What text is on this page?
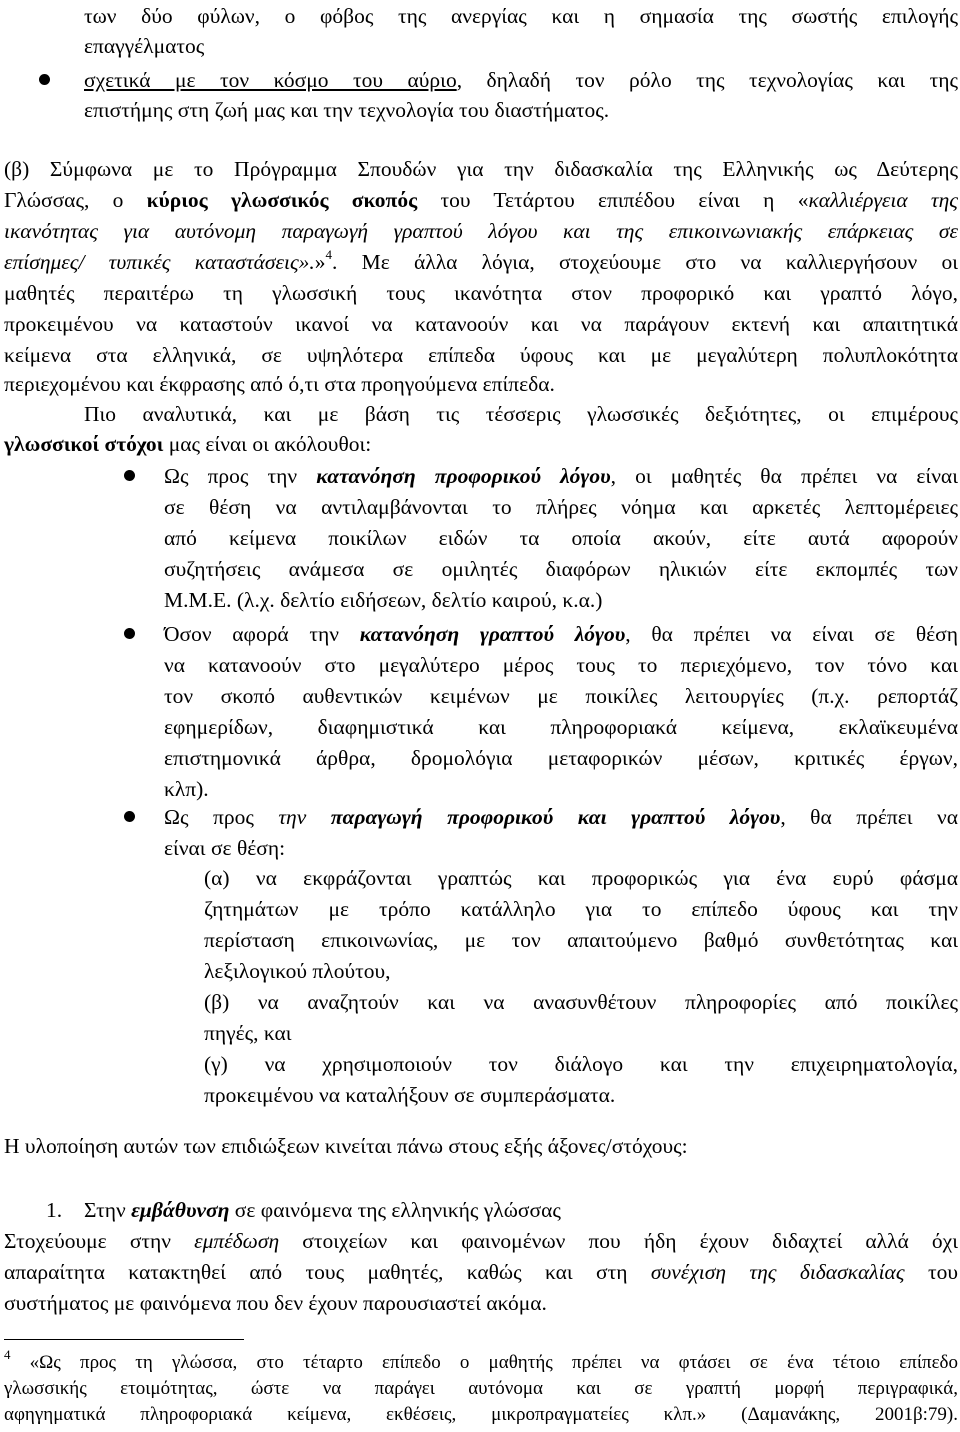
των δύο φύλων, ο φόβος της ανεργίας και η σημασία της σωστής επιλογής
επαγγέλματος
σχετικά με τον κόσμο του αύριο, δηλαδή τον ρόλο της τεχνολογίας και της
επιστήμης στη ζωή μας και την τεχνολογία του διαστήματος.
(β) Σύμφωνα με το Πρόγραμμα Σπουδών για την διδασκαλία της Ελληνικής ως Δεύτερης
Γλώσσας, ο κύριος γλωσσικός σκοπός του Τετάρτου επιπέδου είναι η «καλλιέργεια της
ικανότητας για αυτόνομη παραγωγή γραπτού λόγου και της επικοινωνιακής επάρκειας σε
επίσημες/ τυπικές καταστάσεις».»$^4$. Με άλλα λόγια, στοχεύουμε στο να καλλιεργήσουν οι
μαθητές περαιτέρω τη γλωσσική τους ικανότητα στον προφορικό και γραπτό λόγο,
προκειμένου να καταστούν ικανοί να κατανοούν και να παράγουν εκτενή και απαιτητικά
κείμενα στα ελληνικά, σε υψηλότερα επίπεδα ύφους και με μεγαλύτερη πολυπλοκότητα
περιεχομένου και έκφρασης από ό,τι στα προηγούμενα επίπεδα.
Πιο αναλυτικά, και με βάση τις τέσσερις γλωσσικές δεξιότητες, οι επιμέρους
γλωσσικοί στόχοι μας είναι οι ακόλουθοι:
Ως προς την κατανόηση προφορικού λόγου, οι μαθητές θα πρέπει να είναι
σε θέση να αντιλαμβάνονται το πλήρες νόημα και αρκετές λεπτομέρειες
από κείμενα ποικίλων ειδών τα οποία ακούν, είτε αυτά αφορούν
συζητήσεις ανάμεσα σε ομιλητές διαφόρων ηλικιών είτε εκπομπές των
Μ.Μ.Ε. (λ.χ. δελτίο ειδήσεων, δελτίο καιρού, κ.α.)
Όσον αφορά την κατανόηση γραπτού λόγου, θα πρέπει να είναι σε θέση
να κατανοούν στο μεγαλύτερο μέρος τους το περιεχόμενο, τον τόνο και
τον σκοπό αυθεντικών κειμένων με ποικίλες λειτουργίες (π.χ. ρεπορτάζ
εφημερίδων, διαφημιστικά και πληροφοριακά κείμενα, εκλαϊκευμένα
επιστημονικά άρθρα, δρομολόγια μεταφορικών μέσων, κριτικές έργων,
κλπ).
Ως προς την παραγωγή προφορικού και γραπτού λόγου, θα πρέπει να
είναι σε θέση:
(α) να εκφράζονται γραπτώς και προφορικώς για ένα ευρύ φάσμα
ζητημάτων με τρόπο κατάλληλο για το επίπεδο ύφους και την
περίσταση επικοινωνίας, με τον απαιτούμενο βαθμό συνθετότητας και
λεξιλογικού πλούτου,
(β) να αναζητούν και να ανασυνθέτουν πληροφορίες από ποικίλες
πηγές, και
(γ) να χρησιμοποιούν τον διάλογο και την επιχειρηματολογία,
προκειμένου να καταλήξουν σε συμπεράσματα.
Η υλοποίηση αυτών των επιδιώξεων κινείται πάνω στους εξής άξονες/στόχους:
1. Στην εμβάθυνση σε φαινόμενα της ελληνικής γλώσσας
Στοχεύουμε στην εμπέδωση στοιχείων και φαινομένων που ήδη έχουν διδαχτεί αλλά όχι
απαραίτητα κατακτηθεί από τους μαθητές, καθώς και στη συνέχιση της διδασκαλίας του
συστήματος με φαινόμενα που δεν έχουν παρουσιαστεί ακόμα.
$^4$ «Ως προς τη γλώσσα, στο τέταρτο επίπεδο ο μαθητής πρέπει να φτάσει σε ένα τέτοιο επίπεδο
γλωσσικής ετοιμότητας, ώστε να παράγει αυτόνομα και σε γραπτή μορφή περιγραφικά,
αφηγηματικά πληροφοριακά κείμενα, εκθέσεις, μικροπραγματείες κλπ.» (Δαμανάκης, 2001β:79).
